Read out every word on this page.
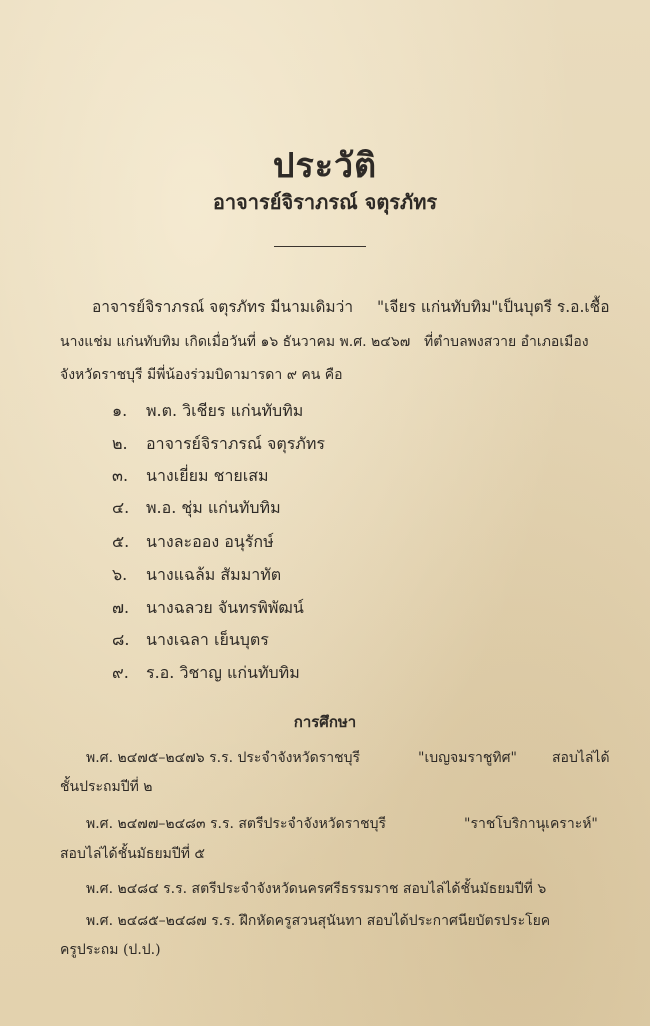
ประวัติ
อาจารย์จิราภรณ์ จตุรภัทร
อาจารย์จิราภรณ์ จตุรภัทร มีนามเดิมว่า "เจียร แก่นทับทิม" เป็นบุตรี ร.อ.เชื้อ
นางแช่ม แก่นทับทิม เกิดเมื่อวันที่ ๑๖ ธันวาคม พ.ศ. ๒๔๖๗ ที่ตำบลพงสวาย อำเภอเมือง
จังหวัดราชบุรี มีพี่น้องร่วมบิดามารดา ๙ คน คือ
๑. พ.ต. วิเชียร แก่นทับทิม
๒. อาจารย์จิราภรณ์ จตุรภัทร
๓. นางเยี่ยม ชายเสม
๔. พ.อ. ชุ่ม แก่นทับทิม
๕. นางละออง อนุรักษ์
๖. นางแฉล้ม สัมมาทัต
๗. นางฉลวย จันทรพิพัฒน์
๘. นางเฉลา เย็นบุตร
๙. ร.อ. วิชาญ แก่นทับทิม
การศึกษา
พ.ศ. ๒๔๗๕–๒๔๗๖ ร.ร. ประจำจังหวัดราชบุรี	"เบญจมราชูทิศ"	สอบไล่ได้
ชั้นประถมปีที่ ๒
พ.ศ. ๒๔๗๗–๒๔๘๓ ร.ร. สตรีประจำจังหวัดราชบุรี	"ราชโบริกานุเคราะห์"
สอบไล่ได้ชั้นมัธยมปีที่ ๕
พ.ศ. ๒๔๘๔ ร.ร. สตรีประจำจังหวัดนครศรีธรรมราช สอบไล่ได้ชั้นมัธยมปีที่ ๖
พ.ศ. ๒๔๘๕–๒๔๘๗ ร.ร. ฝึกหัดครูสวนสุนันทา สอบได้ประกาศนียบัตรประโยค
ครูประถม (ป.ป.)
